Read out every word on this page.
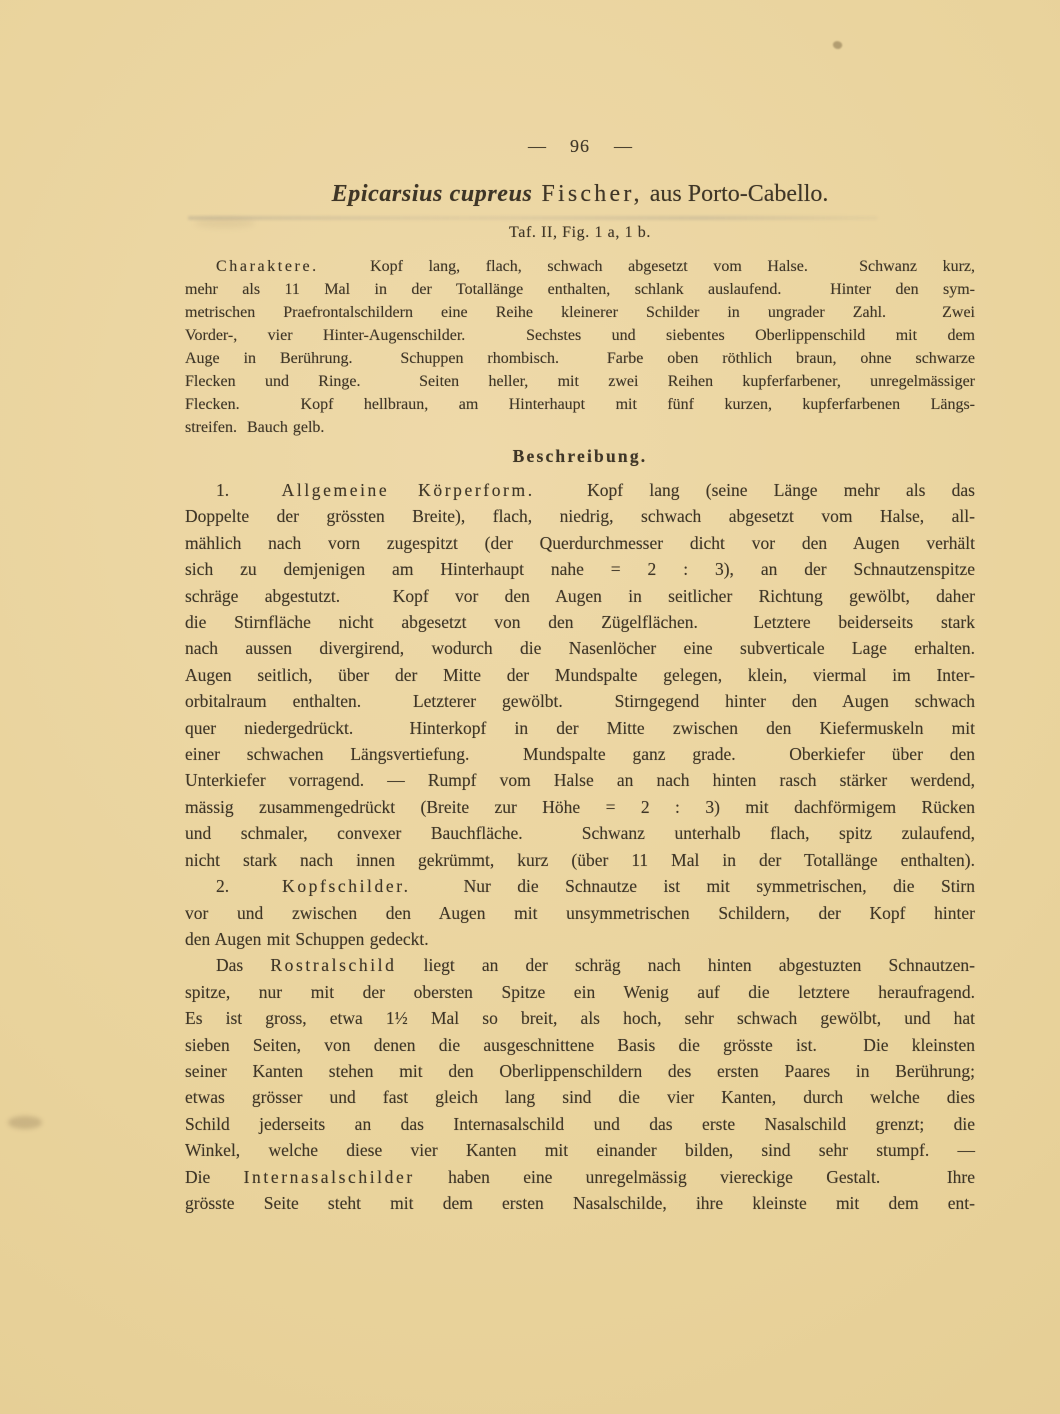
— 96 —
Epicarsius cupreus Fischer, aus Porto-Cabello.
Taf. II, Fig. 1 a, 1 b.
Charaktere.  Kopf lang, flach, schwach abgesetzt vom Halse.  Schwanz kurz,
mehr als 11 Mal in der Totallänge enthalten, schlank auslaufend.  Hinter den sym-
metrischen Praefrontalschildern eine Reihe kleinerer Schilder in ungrader Zahl.  Zwei
Vorder-, vier Hinter-Augenschilder.  Sechstes und siebentes Oberlippenschild mit dem
Auge in Berührung.  Schuppen rhombisch.  Farbe oben röthlich braun, ohne schwarze
Flecken und Ringe.  Seiten heller, mit zwei Reihen kupferfarbener, unregelmässiger
Flecken.  Kopf hellbraun, am Hinterhaupt mit fünf kurzen, kupferfarbenen Längs-
streifen.  Bauch gelb.
Beschreibung.
1.  Allgemeine Körperform.  Kopf lang (seine Länge mehr als das
Doppelte der grössten Breite), flach, niedrig, schwach abgesetzt vom Halse, all-
mählich nach vorn zugespitzt (der Querdurchmesser dicht vor den Augen verhält
sich zu demjenigen am Hinterhaupt nahe = 2 : 3), an der Schnautzenspitze
schräge abgestutzt.  Kopf vor den Augen in seitlicher Richtung gewölbt, daher
die Stirnfläche nicht abgesetzt von den Zügelflächen.  Letztere beiderseits stark
nach aussen divergirend, wodurch die Nasenlöcher eine subverticale Lage erhalten.
Augen seitlich, über der Mitte der Mundspalte gelegen, klein, viermal im Inter-
orbitalraum enthalten.  Letzterer gewölbt.  Stirngegend hinter den Augen schwach
quer niedergedrückt.  Hinterkopf in der Mitte zwischen den Kiefermuskeln mit
einer schwachen Längsvertiefung.  Mundspalte ganz grade.  Oberkiefer über den
Unterkiefer vorragend. — Rumpf vom Halse an nach hinten rasch stärker werdend,
mässig zusammengedrückt (Breite zur Höhe = 2 : 3) mit dachförmigem Rücken
und schmaler, convexer Bauchfläche.  Schwanz unterhalb flach, spitz zulaufend,
nicht stark nach innen gekrümmt, kurz (über 11 Mal in der Totallänge enthalten).
2.  Kopfschilder.  Nur die Schnautze ist mit symmetrischen, die Stirn
vor und zwischen den Augen mit unsymmetrischen Schildern, der Kopf hinter
den Augen mit Schuppen gedeckt.
Das Rostralschild liegt an der schräg nach hinten abgestuzten Schnautzen-
spitze, nur mit der obersten Spitze ein Wenig auf die letztere heraufragend.
Es ist gross, etwa 1½ Mal so breit, als hoch, sehr schwach gewölbt, und hat
sieben Seiten, von denen die ausgeschnittene Basis die grösste ist.  Die kleinsten
seiner Kanten stehen mit den Oberlippenschildern des ersten Paares in Berührung;
etwas grösser und fast gleich lang sind die vier Kanten, durch welche dies
Schild jederseits an das Internasalschild und das erste Nasalschild grenzt; die
Winkel, welche diese vier Kanten mit einander bilden, sind sehr stumpf. —
Die Internasalschilder haben eine unregelmässig viereckige Gestalt.  Ihre
grösste Seite steht mit dem ersten Nasalschilde, ihre kleinste mit dem ent-
